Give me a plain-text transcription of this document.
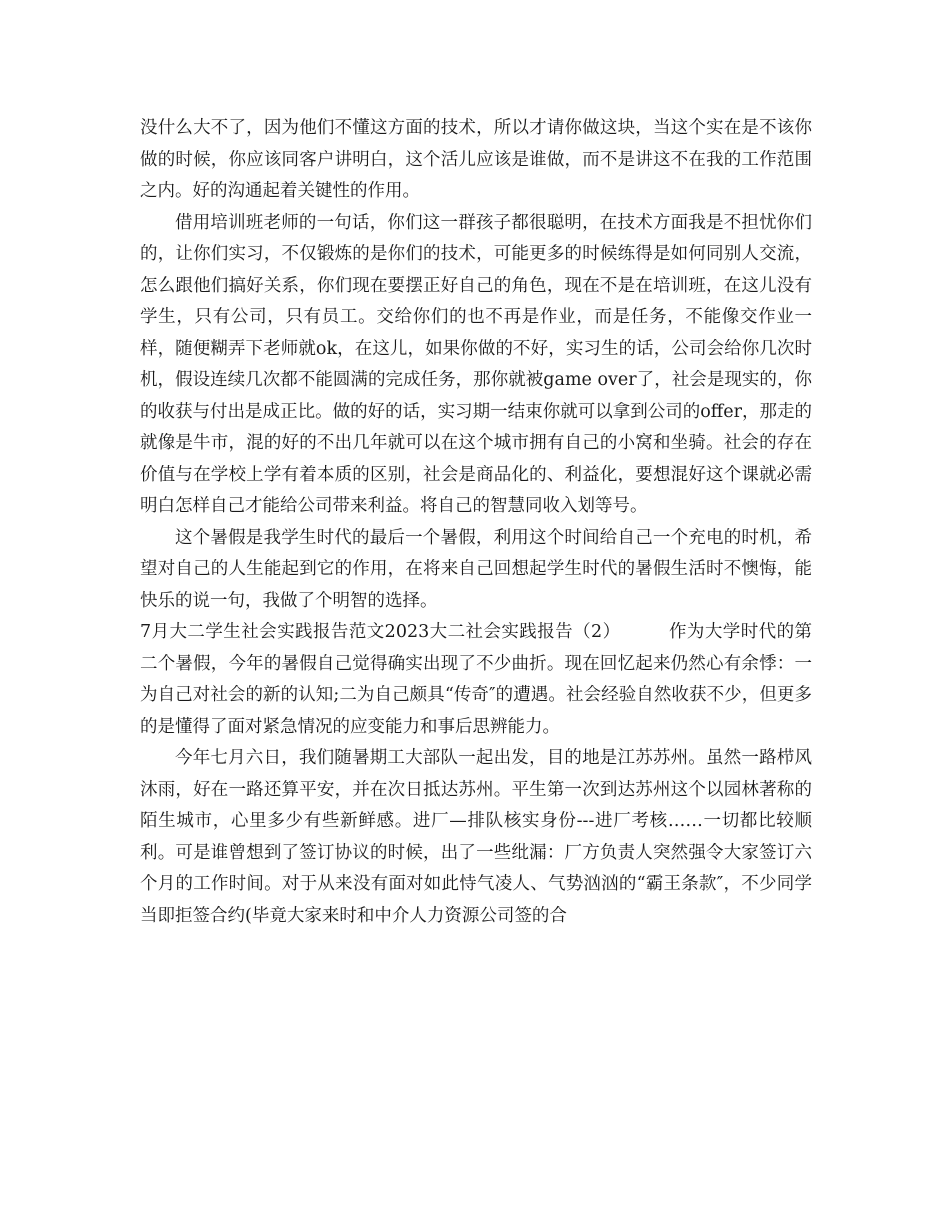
没什么大不了，因为他们不懂这方面的技术，所以才请你做这块，当这个实在是不该你做的时候，你应该同客户讲明白，这个活儿应该是谁做，而不是讲这不在我的工作范围之内。好的沟通起着关键性的作用。

借用培训班老师的一句话，你们这一群孩子都很聪明，在技术方面我是不担忧你们的，让你们实习，不仅锻炼的是你们的技术，可能更多的时候练得是如何同别人交流，怎么跟他们搞好关系，你们现在要摆正好自己的角色，现在不是在培训班，在这儿没有学生，只有公司，只有员工。交给你们的也不再是作业，而是任务，不能像交作业一样，随便糊弄下老师就ok，在这儿，如果你做的不好，实习生的话，公司会给你几次时机，假设连续几次都不能圆满的完成任务，那你就被game over了，社会是现实的，你的收获与付出是成正比。做的好的话，实习期一结束你就可以拿到公司的offer，那走的就像是牛市，混的好的不出几年就可以在这个城市拥有自己的小窝和坐骑。社会的存在价值与在学校上学有着本质的区别，社会是商品化的、利益化，要想混好这个课就必需明白怎样自己才能给公司带来利益。将自己的智慧同收入划等号。

这个暑假是我学生时代的最后一个暑假，利用这个时间给自己一个充电的时机，希望对自己的人生能起到它的作用，在将来自己回想起学生时代的暑假生活时不懊悔，能快乐的说一句，我做了个明智的选择。

7月大二学生社会实践报告范文2023大二社会实践报告（2）	作为大学时代的第二个暑假，今年的暑假自己觉得确实出现了不少曲折。现在回忆起来仍然心有余悸：一为自己对社会的新的认知;二为自己颇具“传奇″的遭遇。社会经验自然收获不少，但更多的是懂得了面对紧急情况的应变能力和事后思辨能力。

今年七月六日，我们随暑期工大部队一起出发，目的地是江苏苏州。虽然一路栉风沐雨，好在一路还算平安，并在次日抵达苏州。平生第一次到达苏州这个以园林著称的陌生城市，心里多少有些新鲜感。进厂—排队核实身份---进厂考核……一切都比较顺利。可是谁曾想到了签订协议的时候，出了一些纰漏：厂方负责人突然强令大家签订六个月的工作时间。对于从来没有面对如此恃气凌人、气势汹汹的“霸王条款″，不少同学当即拒签合约(毕竟大家来时和中介人力资源公司签的合
